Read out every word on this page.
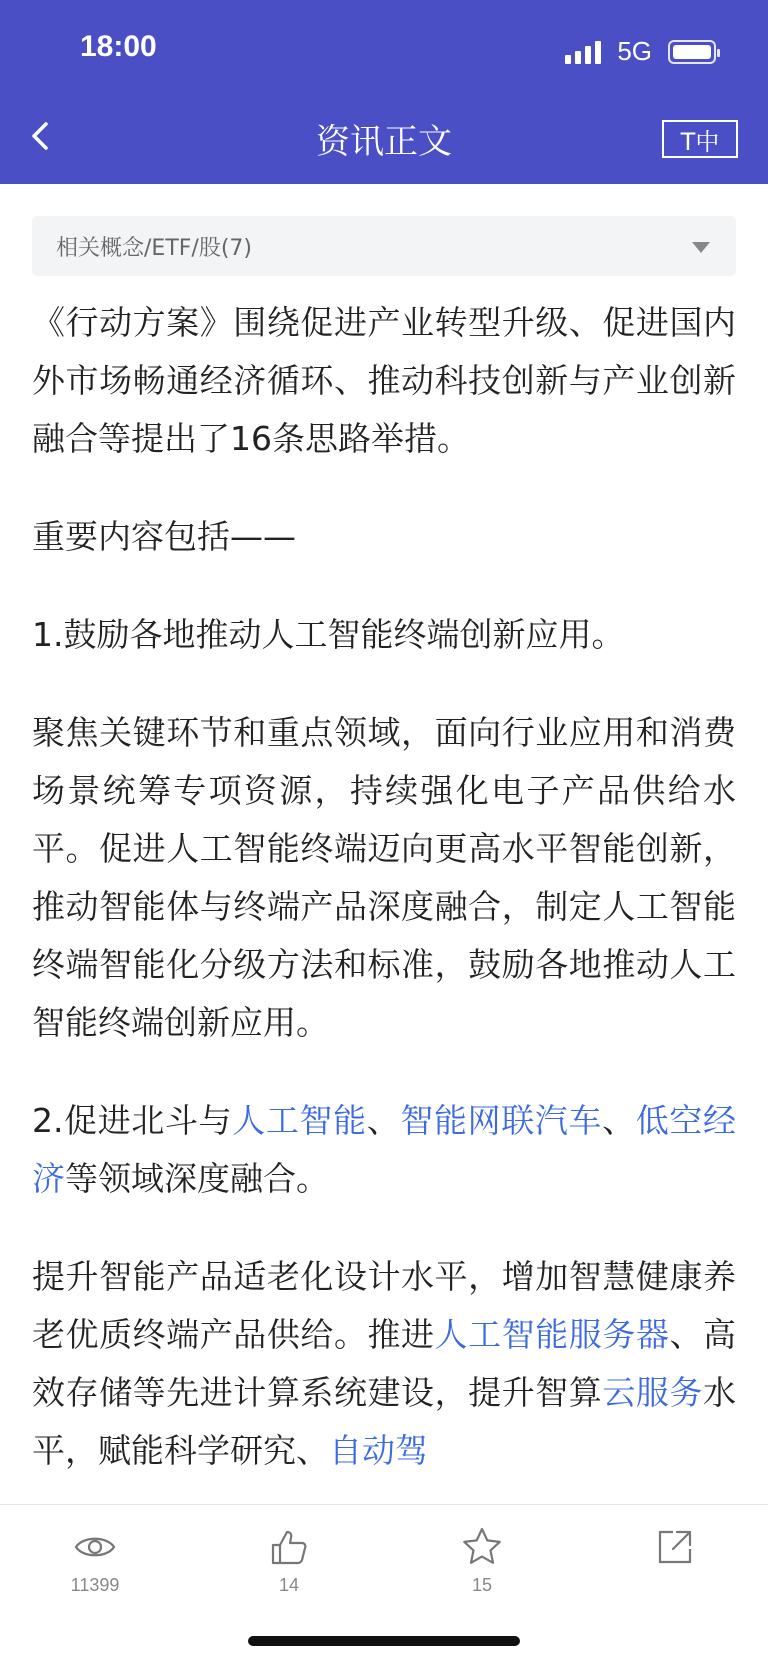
18:00	5G
资讯正文	T中
相关概念/ETF/股(7)

《行动方案》围绕促进产业转型升级、促进国内外市场畅通经济循环、推动科技创新与产业创新融合等提出了16条思路举措。

重要内容包括——

1.鼓励各地推动人工智能终端创新应用。

聚焦关键环节和重点领域，面向行业应用和消费场景统筹专项资源，持续强化电子产品供给水平。促进人工智能终端迈向更高水平智能创新，推动智能体与终端产品深度融合，制定人工智能终端智能化分级方法和标准，鼓励各地推动人工智能终端创新应用。

2.促进北斗与人工智能、智能网联汽车、低空经济等领域深度融合。

提升智能产品适老化设计水平，增加智慧健康养老优质终端产品供给。推进人工智能服务器、高效存储等先进计算系统建设，提升智算云服务水平，赋能科学研究、自动驾

11399	14	15
